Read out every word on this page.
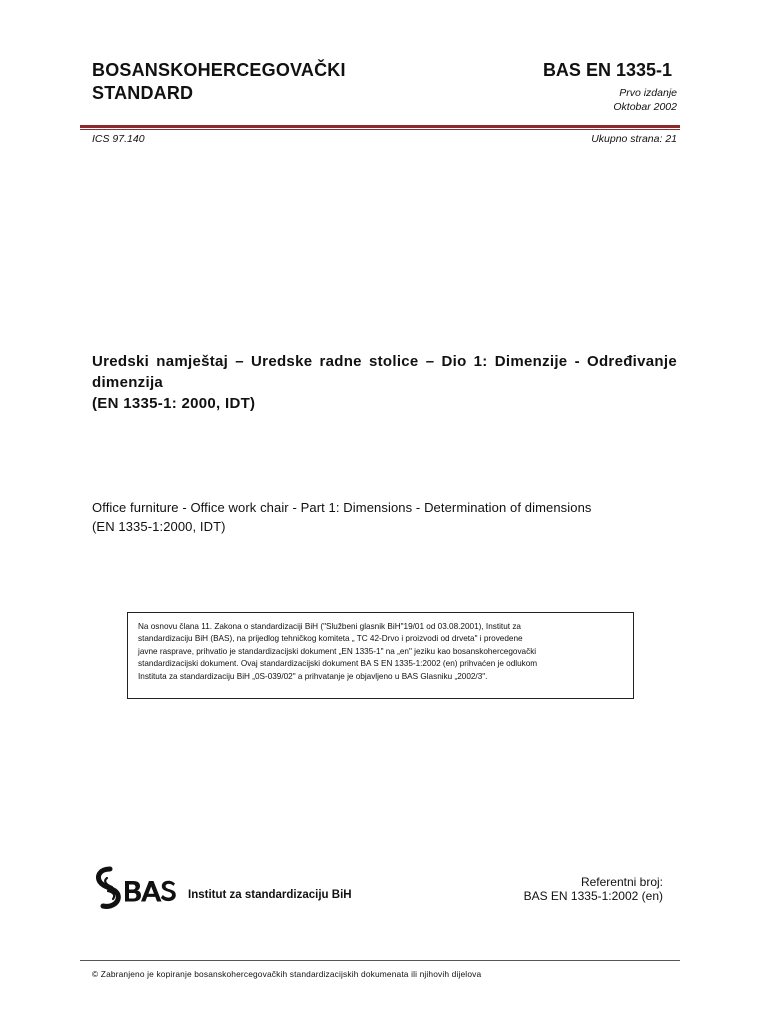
BOSANSKOHERCEGOVAČKI
STANDARD
BAS EN 1335-1
Prvo izdanje
Oktobar 2002
ICS 97.140	Ukupno strana: 21
Uredski namještaj – Uredske radne stolice – Dio 1: Dimenzije - Određivanje
dimenzija
(EN 1335-1: 2000, IDT)
Office furniture - Office work chair - Part 1: Dimensions - Determination of dimensions
(EN 1335-1:2000, IDT)
Na osnovu člana 11. Zakona o standardizaciji BiH ("Službeni glasnik BiH"19/01 od 03.08.2001), Institut za
standardizaciju BiH (BAS), na prijedlog tehničkog komiteta „ TC 42-Drvo i proizvodi od drveta" i provedene
javne rasprave, prihvatio je standardizacijski dokument „EN 1335-1" na „en" jeziku kao bosanskohercegovački
standardizacijski dokument. Ovaj standardizacijski dokument BA S EN 1335-1:2002 (en) prihvaćen je odlukom
Instituta za standardizaciju BiH „0S-039/02" a prihvatanje je objavljeno u BAS Glasniku „2002/3".
Institut za standardizaciju BiH
Referentni broj:
BAS EN 1335-1:2002 (en)
© Zabranjeno je kopiranje bosanskohercegovačkih standardizacijskih dokumenata ili njihovih dijelova
